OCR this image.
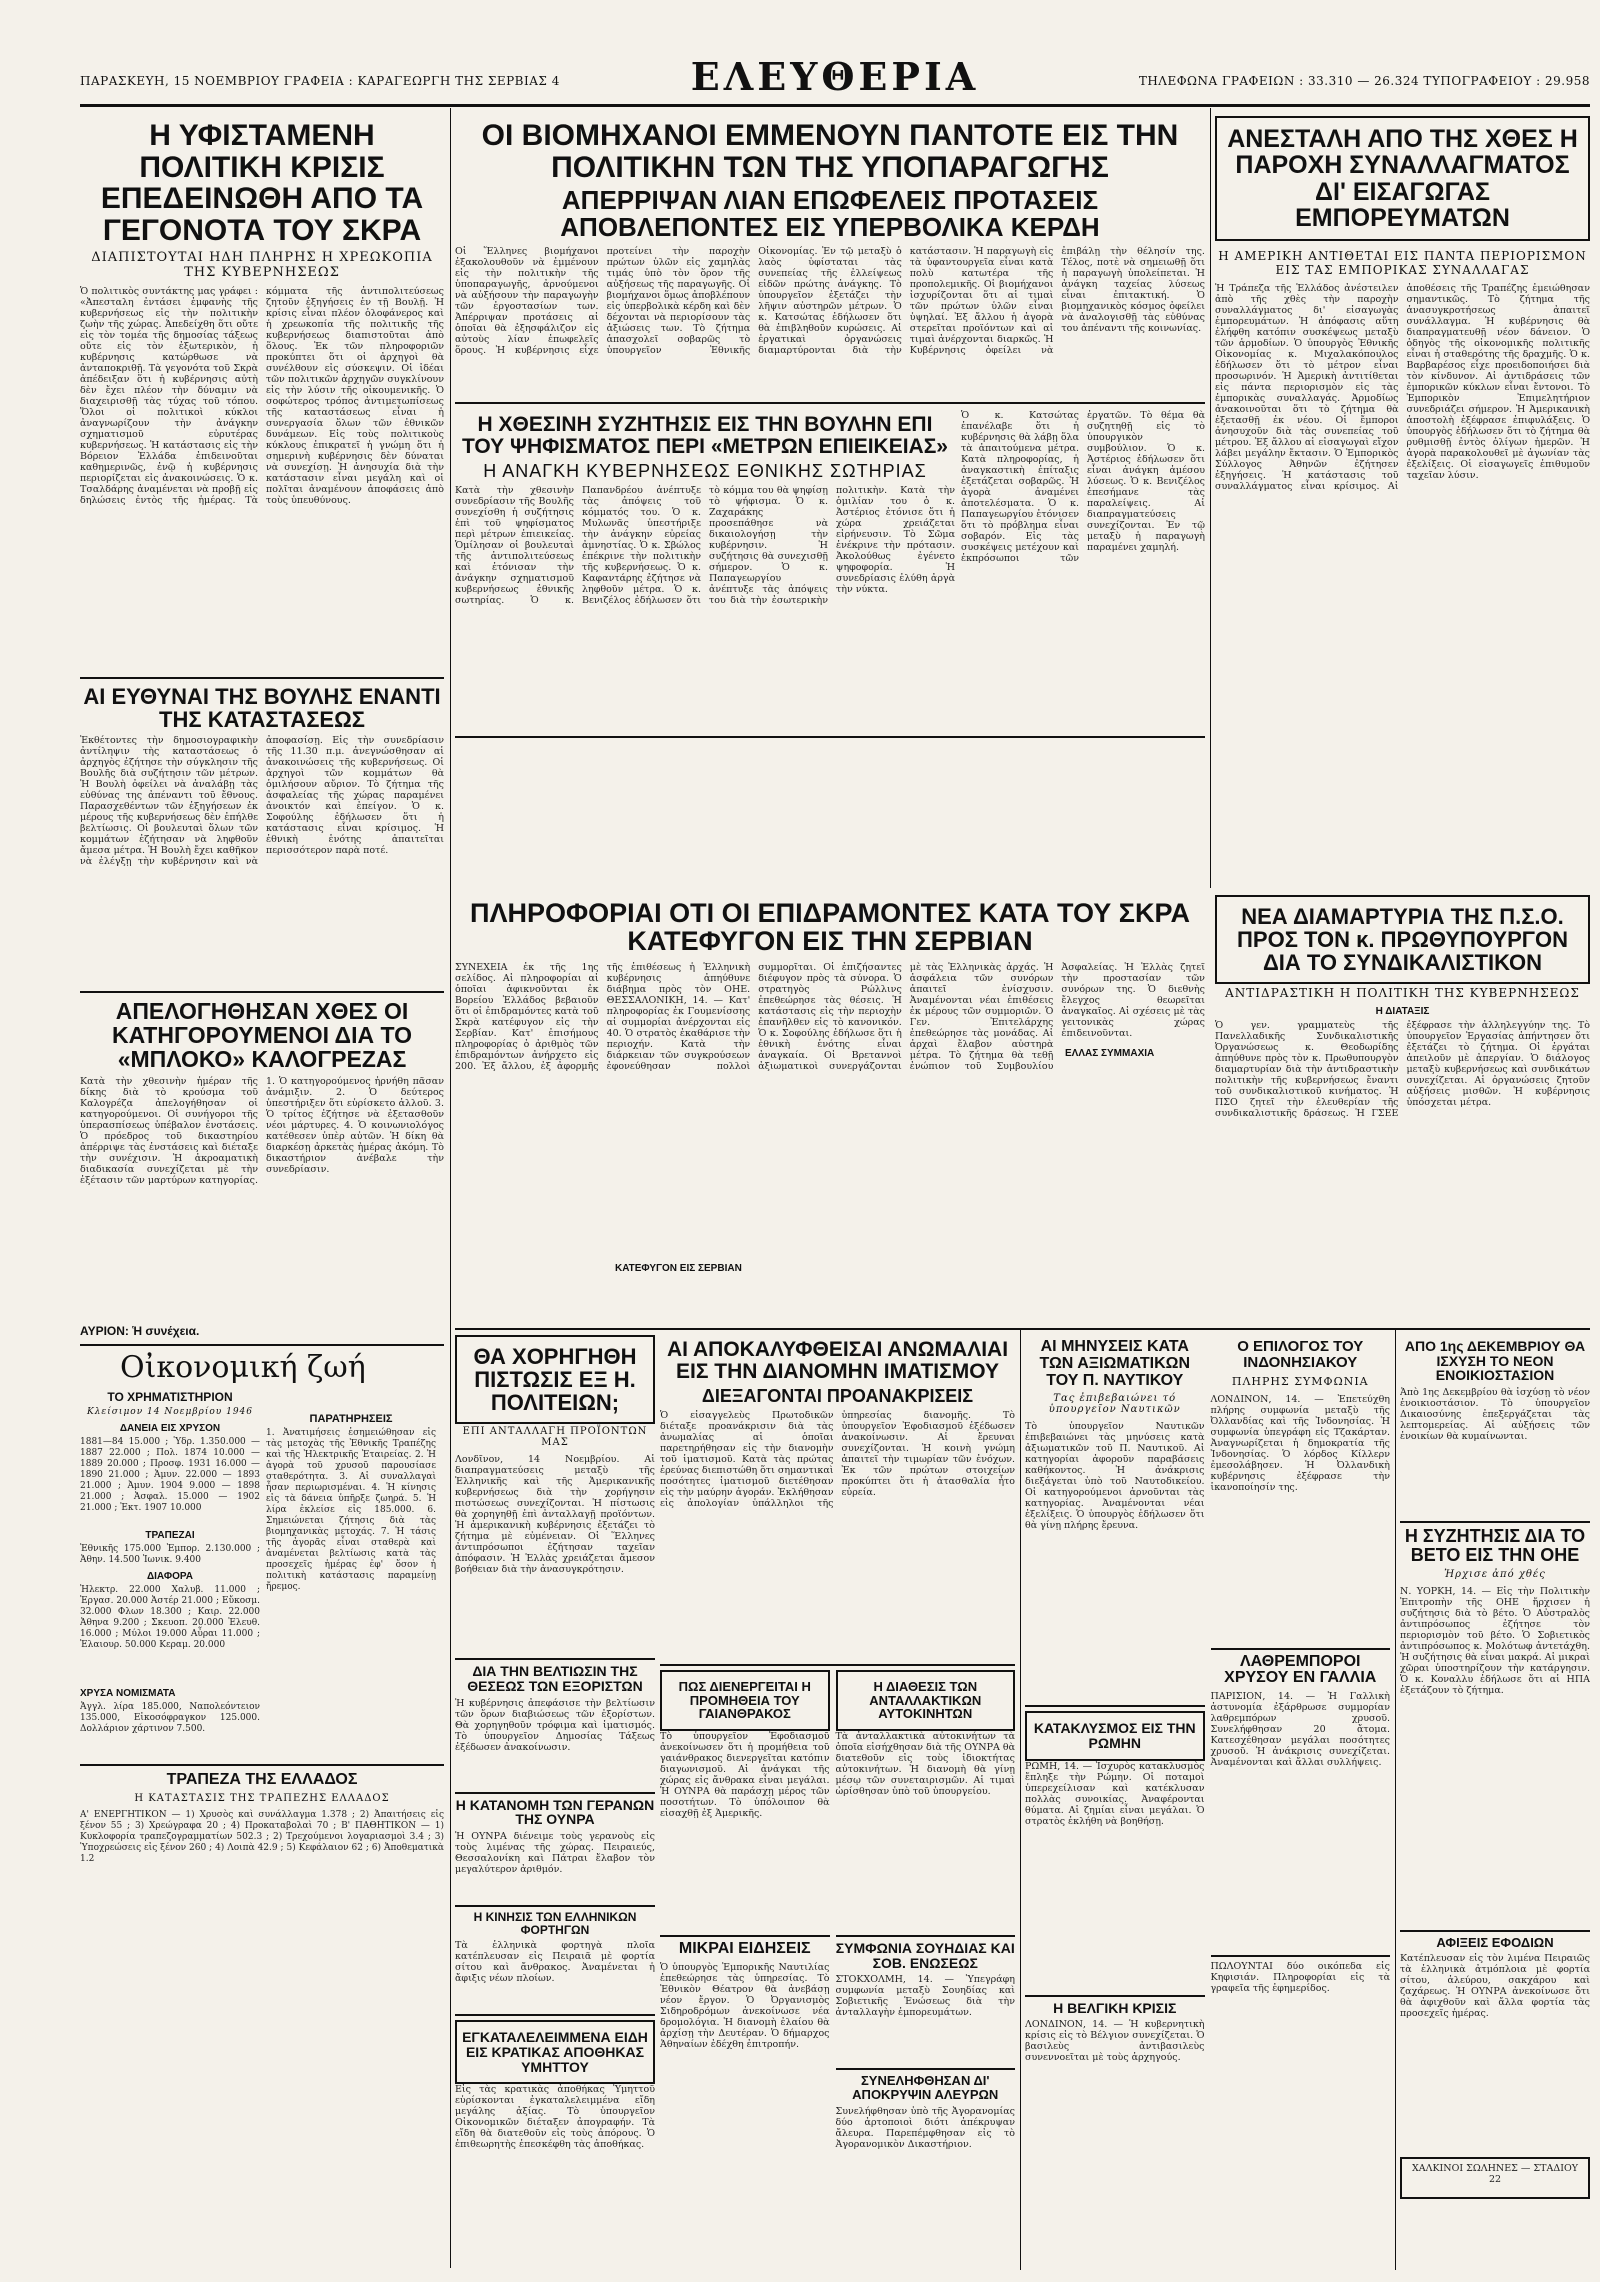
ΠΑΡΑΣΚΕΥΗ, 15 ΝΟΕΜΒΡΙΟΥ ΓΡΑΦΕΙΑ : ΚΑΡΑΓΕΩΡΓΗ ΤΗΣ ΣΕΡΒΙΑΣ 4	ΕΛΕΥΘΕΡΙΑ	ΤΗΛΕΦΩΝΑ ΓΡΑΦΕΙΩΝ : 33.310 — 26.324 ΤΥΠΟΓΡΑΦΕΙΟΥ : 29.958
Η ΥΦΙΣΤΑΜΕΝΗ ΠΟΛΙΤΙΚΗ ΚΡΙΣΙΣ ΕΠΕΔΕΙΝΩΘΗ ΑΠΟ ΤΑ ΓΕΓΟΝΟΤΑ ΤΟΥ ΣΚΡΑ
ΔΙΑΠΙΣΤΟΥΤΑΙ ΗΔΗ ΠΛΗΡΗΣ Η ΧΡΕΩΚΟΠΙΑ ΤΗΣ ΚΥΒΕΡΝΗΣΕΩΣ
Ὁ πολιτικὸς συντάκτης μας γράφει : «Ἀπεσταλη ἐντάσει ἐμφανὴς τῆς κυβερνήσεως εἰς τὴν πολιτικὴν ζωὴν τῆς χώρας. Ἀπεδείχθη ὅτι οὔτε εἰς τὸν τομέα τῆς δημοσίας τάξεως οὔτε εἰς τὸν ἐξωτερικὸν, ἡ κυβέρνησις κατώρθωσε νὰ ἀνταποκριθῇ. Τὰ γεγονότα τοῦ Σκρὰ ἀπέδειξαν ὅτι ἡ κυβέρνησις αὐτὴ δὲν ἔχει πλέον τὴν δύναμιν νὰ διαχειρισθῇ τὰς τύχας τοῦ τόπου. Ὅλοι οἱ πολιτικοὶ κύκλοι ἀναγνωρίζουν τὴν ἀνάγκην σχηματισμοῦ εὐρυτέρας κυβερνήσεως. Ἡ κατάστασις εἰς τὴν Βόρειον Ἑλλάδα ἐπιδεινοῦται καθημερινῶς, ἐνῷ ἡ κυβέρνησις περιορίζεται εἰς ἀνακοινώσεις. Ὁ κ. Τσαλδάρης ἀναμένεται νὰ προβῇ εἰς δηλώσεις ἐντὸς τῆς ἡμέρας. Τὰ κόμματα τῆς ἀντιπολιτεύσεως ζητοῦν ἐξηγήσεις ἐν τῇ Βουλῇ. Ἡ κρίσις εἶναι πλέον ὁλοφάνερος καὶ ἡ χρεωκοπία τῆς πολιτικῆς τῆς κυβερνήσεως διαπιστοῦται ἀπὸ ὅλους. Ἐκ τῶν πληροφοριῶν προκύπτει ὅτι οἱ ἀρχηγοὶ θὰ συνέλθουν εἰς σύσκεψιν. Οἱ ἰδέαι τῶν πολιτικῶν ἀρχηγῶν συγκλίνουν εἰς τὴν λύσιν τῆς οἰκουμενικῆς. Ὁ σοφώτερος τρόπος ἀντιμετωπίσεως τῆς καταστάσεως εἶναι ἡ συνεργασία ὅλων τῶν ἐθνικῶν δυνάμεων. Εἰς τοὺς πολιτικοὺς κύκλους ἐπικρατεῖ ἡ γνώμη ὅτι ἡ σημερινὴ κυβέρνησις δὲν δύναται νὰ συνεχίσῃ. Ἡ ἀνησυχία διὰ τὴν κατάστασιν εἶναι μεγάλη καὶ οἱ πολῖται ἀναμένουν ἀποφάσεις ἀπὸ τοὺς ὑπευθύνους.
ΑΙ ΕΥΘΥΝΑΙ ΤΗΣ ΒΟΥΛΗΣ ΕΝΑΝΤΙ ΤΗΣ ΚΑΤΑΣΤΑΣΕΩΣ
Ἐκθέτοντες τὴν δημοσιογραφικὴν ἀντίληψιν τὴς καταστάσεως ὁ ἀρχηγὸς ἐζήτησε τὴν σύγκλησιν τῆς Βουλῆς διὰ συζήτησιν τῶν μέτρων. Ἡ Βουλὴ ὀφείλει νὰ ἀναλάβῃ τὰς εὐθύνας της ἀπέναντι τοῦ ἔθνους. Παρασχεθέντων τῶν ἐξηγήσεων ἐκ μέρους τῆς κυβερνήσεως δὲν ἐπήλθε βελτίωσις. Οἱ βουλευταὶ ὅλων τῶν κομμάτων ἐζήτησαν νὰ ληφθοῦν ἄμεσα μέτρα. Ἡ Βουλὴ ἔχει καθῆκον νὰ ἐλέγξῃ τὴν κυβέρνησιν καὶ νὰ ἀποφασίσῃ. Εἰς τὴν συνεδρίασιν τῆς 11.30 π.μ. ἀνεγνώσθησαν αἱ ἀνακοινώσεις τῆς κυβερνήσεως. Οἱ ἀρχηγοὶ τῶν κομμάτων θὰ ὁμιλήσουν αὔριον. Τὸ ζήτημα τῆς ἀσφαλείας τῆς χώρας παραμένει ἀνοικτόν καὶ ἐπείγον. Ὁ κ. Σοφούλης ἐδήλωσεν ὅτι ἡ κατάστασις εἶναι κρίσιμος. Ἡ ἐθνικὴ ἑνότης ἀπαιτεῖται περισσότερον παρὰ ποτέ.
ΑΠΕΛΟΓΗΘΗΣΑΝ ΧΘΕΣ ΟΙ ΚΑΤΗΓΟΡΟΥΜΕΝΟΙ ΔΙΑ ΤΟ «ΜΠΛΟΚΟ» ΚΑΛΟΓΡΕΖΑΣ
Κατὰ τὴν χθεσινὴν ἡμέραν τῆς δίκης διὰ τὸ κρούσμα τοῦ Καλογρέζα ἀπελογήθησαν οἱ κατηγορούμενοι. Οἱ συνήγοροι τῆς ὑπερασπίσεως ὑπέβαλον ἐνστάσεις. Ὁ πρόεδρος τοῦ δικαστηρίου ἀπέρριψε τὰς ἐνστάσεις καὶ διέταξε τὴν συνέχισιν. Ἡ ἀκροαματικὴ διαδικασία συνεχίζεται μὲ τὴν ἐξέτασιν τῶν μαρτύρων κατηγορίας. 1. Ὁ κατηγορούμενος ἠρνήθη πᾶσαν ἀνάμιξιν. 2. Ὁ δεύτερος ὑπεστήριξεν ὅτι εὑρίσκετο ἀλλοῦ. 3. Ὁ τρίτος ἐζήτησε νὰ ἐξετασθοῦν νέοι μάρτυρες. 4. Ὁ κοινωνιολόγος κατέθεσεν ὑπὲρ αὐτῶν. Ἡ δίκη θὰ διαρκέσῃ ἀρκετὰς ἡμέρας ἀκόμη. Τὸ δικαστήριον ἀνέβαλε τὴν συνεδρίασιν.
ΑΥΡΙΟΝ: Ἡ συνέχεια.
Οἰκονομική ζωή
ΤΟ ΧΡΗΜΑΤΙΣΤΗΡΙΟΝ
Κλείσιμον 14 Νοεμβρίου 1946
ΔΑΝΕΙΑ ΕΙΣ ΧΡΥΣΟΝ
1881—84 15.000 ; Ὑδρ. 1.350.000 — 1887 22.000 ; Πολ. 1874 10.000 — 1889 20.000 ; Προσφ. 1931 16.000 — 1890 21.000 ; Ἀμυν. 22.000 — 1893 21.000 ; Ἀμυν. 1904 9.000 — 1898 21.000 ; Ἀσφαλ. 15.000 — 1902 21.000 ; Ἐκτ. 1907 10.000
ΤΡΑΠΕΖΑΙ
Ἐθνικῆς 175.000 Ἐμπορ. 2.130.000 ; Ἀθην. 14.500 Ἰωνικ. 9.400
ΔΙΑΦΟΡΑ
Ἠλεκτρ. 22.000 Χαλυβ. 11.000 ; Ἐργασ. 20.000 Ἀστέρ 21.000 ; Εὔκοσμ. 32.000 Φλων 18.300 ; Καιρ. 22.000 Ἀθηνα 9.200 ; Σκευοπ. 20.000 Ἐλευθ. 16.000 ; Μύλοι 19.000 Αὖραι 11.000 ; Ἐλαιουρ. 50.000 Κεραμ. 20.000
ΧΡΥΣΑ ΝΟΜΙΣΜΑΤΑ
Ἀγγλ. λίρα 185.000, Ναπολεόντειον 135.000, Εἰκοσόφραγκον 125.000. Δολλάριον χάρτινον 7.500.
ΠΑΡΑΤΗΡΗΣΕΙΣ
1. Ἀνατιμήσεις ἐσημειώθησαν εἰς τὰς μετοχὰς τῆς Ἐθνικῆς Τραπέζης καὶ τῆς Ἠλεκτρικῆς Ἑταιρείας. 2. Ἡ ἀγορὰ τοῦ χρυσοῦ παρουσίασε σταθερότητα. 3. Αἱ συναλλαγαὶ ἦσαν περιωρισμέναι. 4. Ἡ κίνησις εἰς τὰ δάνεια ὑπῆρξε ζωηρά. 5. Ἡ λίρα ἐκλείσε εἰς 185.000. 6. Σημειώνεται ζήτησις διὰ τὰς βιομηχανικὰς μετοχάς. 7. Ἡ τάσις τῆς ἀγορᾶς εἶναι σταθερὰ καὶ ἀναμένεται βελτίωσις κατὰ τὰς προσεχεῖς ἡμέρας ἐφ' ὅσον ἡ πολιτικὴ κατάστασις παραμείνῃ ἤρεμος.
ΤΡΑΠΕΖΑ ΤΗΣ ΕΛΛΑΔΟΣ
Η ΚΑΤΑΣΤΑΣΙΣ ΤΗΣ ΤΡΑΠΕΖΗΣ ΕΛΛΑΔΟΣ
Α' ΕΝΕΡΓΗΤΙΚΟΝ — 1) Χρυσὸς καὶ συνάλλαγμα 1.378 ; 2) Ἀπαιτήσεις εἰς ξένον 55 ; 3) Χρεώγραφα 20 ; 4) Προκαταβολαὶ 70 ; Β' ΠΑΘΗΤΙΚΟΝ — 1) Κυκλοφορία τραπεζογραμματίων 502.3 ; 2) Τρεχούμενοι λογαριασμοὶ 3.4 ; 3) Ὑποχρεώσεις εἰς ξένον 260 ; 4) Λοιπὰ 42.9 ; 5) Κεφάλαιον 62 ; 6) Ἀποθεματικὰ 1.2
ΟΙ ΒΙΟΜΗΧΑΝΟΙ ΕΜΜΕΝΟΥΝ ΠΑΝΤΟΤΕ ΕΙΣ ΤΗΝ ΠΟΛΙΤΙΚΗΝ ΤΩΝ ΤΗΣ ΥΠΟΠΑΡΑΓΩΓΗΣ
ΑΠΕΡΡΙΨΑΝ ΛΙΑΝ ΕΠΩΦΕΛΕΙΣ ΠΡΟΤΑΣΕΙΣ ΑΠΟΒΛΕΠΟΝΤΕΣ ΕΙΣ ΥΠΕΡΒΟΛΙΚΑ ΚΕΡΔΗ
Οἱ Ἕλληνες βιομήχανοι ἐξακολουθοῦν νὰ ἐμμένουν εἰς τὴν πολιτικὴν τῆς ὑποπαραγωγῆς, ἀρνούμενοι νὰ αὐξήσουν τὴν παραγωγὴν τῶν ἐργοστασίων των. Ἀπέρριψαν προτάσεις αἱ ὁποῖαι θὰ ἐξησφάλιζον εἰς αὐτοὺς λίαν ἐπωφελεῖς ὅρους. Ἡ κυβέρνησις εἶχε προτείνει τὴν παροχὴν πρώτων ὑλῶν εἰς χαμηλὰς τιμάς ὑπὸ τὸν ὅρον τῆς αὐξήσεως τῆς παραγωγῆς. Οἱ βιομήχανοι ὅμως ἀποβλέπουν εἰς ὑπερβολικὰ κέρδη καὶ δὲν δέχονται νὰ περιορίσουν τὰς ἀξιώσεις των. Τὸ ζήτημα ἀπασχολεῖ σοβαρῶς τὸ ὑπουργεῖον Ἐθνικῆς Οἰκονομίας. Ἐν τῷ μεταξὺ ὁ λαὸς ὑφίσταται τὰς συνεπείας τῆς ἐλλείψεως εἰδῶν πρώτης ἀνάγκης. Τὸ ὑπουργεῖον ἐξετάζει τὴν λῆψιν αὐστηρῶν μέτρων. Ὁ κ. Κατσώτας ἐδήλωσεν ὅτι θὰ ἐπιβληθοῦν κυρώσεις. Αἱ ἐργατικαὶ ὀργανώσεις διαμαρτύρονται διὰ τὴν κατάστασιν. Ἡ παραγωγὴ εἰς τὰ ὑφαντουργεῖα εἶναι κατὰ πολὺ κατωτέρα τῆς προπολεμικῆς. Οἱ βιομήχανοι ἰσχυρίζονται ὅτι αἱ τιμαὶ τῶν πρώτων ὑλῶν εἶναι ὑψηλαί. Ἐξ ἄλλου ἡ ἀγορὰ στερεῖται προϊόντων καὶ αἱ τιμαὶ ἀνέρχονται διαρκῶς. Ἡ Κυβέρνησις ὀφείλει νὰ ἐπιβάλῃ τὴν θέλησίν της. Τέλος, ποτὲ νὰ σημειωθῇ ὅτι ἡ παραγωγὴ ὑπολείπεται. Ἡ ἀνάγκη ταχείας λύσεως εἶναι ἐπιτακτική. Ὁ βιομηχανικὸς κόσμος ὀφείλει νὰ ἀναλογισθῇ τὰς εὐθύνας του ἀπέναντι τῆς κοινωνίας.
Η ΧΘΕΣΙΝΗ ΣΥΖΗΤΗΣΙΣ ΕΙΣ ΤΗΝ ΒΟΥΛΗΝ ΕΠΙ ΤΟΥ ΨΗΦΙΣΜΑΤΟΣ ΠΕΡΙ «ΜΕΤΡΩΝ ΕΠΙΕΙΚΕΙΑΣ»
Η ΑΝΑΓΚΗ ΚΥΒΕΡΝΗΣΕΩΣ ΕΘΝΙΚΗΣ ΣΩΤΗΡΙΑΣ
Κατὰ τὴν χθεσινὴν συνεδρίασιν τῆς Βουλῆς συνεχίσθη ἡ συζήτησις ἐπὶ τοῦ ψηφίσματος περὶ μέτρων ἐπιεικείας. Ὁμίλησαν οἱ βουλευταὶ τῆς ἀντιπολιτεύσεως καὶ ἐτόνισαν τὴν ἀνάγκην σχηματισμοῦ κυβερνήσεως ἐθνικῆς σωτηρίας. Ὁ κ. Παπανδρέου ἀνέπτυξε τὰς ἀπόψεις τοῦ κόμματός του. Ὁ κ. Μυλωνᾶς ὑπεστήριξε τὴν ἀνάγκην εὐρείας ἀμνηστίας. Ὁ κ. Σβώλος ἐπέκρινε τὴν πολιτικὴν τῆς κυβερνήσεως. Ὁ κ. Καφαντάρης ἐζήτησε νὰ ληφθοῦν μέτρα. Ὁ κ. Βενιζέλος ἐδήλωσεν ὅτι τὸ κόμμα του θὰ ψηφίσῃ τὸ ψήφισμα. Ὁ κ. Ζαχαράκης προσεπάθησε νὰ δικαιολογήσῃ τὴν κυβέρνησιν. Ἡ συζήτησις θὰ συνεχισθῇ σήμερον. Ὁ κ. Παπαγεωργίου ἀνέπτυξε τὰς ἀπόψεις του διὰ τὴν ἐσωτερικὴν πολιτικὴν. Κατὰ τὴν ὁμιλίαν του ὁ κ. Ἀστέριος ἐτόνισε ὅτι ἡ χώρα χρειάζεται εἰρήνευσιν. Τὸ Σῶμα ἐνέκρινε τὴν πρότασιν. Ἀκολούθως ἐγένετο ψηφοφορία. Ἡ συνεδρίασις ἐλύθη ἀργὰ τὴν νύκτα.
Ὁ κ. Κατσώτας ἐπανέλαβε ὅτι ἡ κυβέρνησις θὰ λάβῃ ὅλα τὰ ἀπαιτούμενα μέτρα. Κατὰ πληροφορίας, ἡ ἀναγκαστικὴ ἐπίταξις ἐξετάζεται σοβαρῶς. Ἡ ἀγορὰ ἀναμένει ἀποτελέσματα. Ὁ κ. Παπαγεωργίου ἐτόνισεν ὅτι τὸ πρόβλημα εἶναι σοβαρόν. Εἰς τὰς συσκέψεις μετέχουν καὶ ἐκπρόσωποι τῶν ἐργατῶν. Τὸ θέμα θὰ συζητηθῇ εἰς τὸ ὑπουργικὸν συμβούλιον. Ὁ κ. Ἀστέριος ἐδήλωσεν ὅτι εἶναι ἀνάγκη ἀμέσου λύσεως. Ὁ κ. Βενιζέλος ἐπεσήμανε τὰς παραλείψεις. Αἱ διαπραγματεύσεις συνεχίζονται. Ἐν τῷ μεταξὺ ἡ παραγωγὴ παραμένει χαμηλή.
ΑΝΕΣΤΑΛΗ ΑΠΟ ΤΗΣ ΧΘΕΣ Η ΠΑΡΟΧΗ ΣΥΝΑΛΛΑΓΜΑΤΟΣ ΔΙ' ΕΙΣΑΓΩΓΑΣ ΕΜΠΟΡΕΥΜΑΤΩΝ
Η ΑΜΕΡΙΚΗ ΑΝΤΙΘΕΤΑΙ ΕΙΣ ΠΑΝΤΑ ΠΕΡΙΟΡΙΣΜΟΝ ΕΙΣ ΤΑΣ ΕΜΠΟΡΙΚΑΣ ΣΥΝΑΛΛΑΓΑΣ
Ἡ Τράπεζα τῆς Ἑλλάδος ἀνέστειλεν ἀπὸ τῆς χθὲς τὴν παροχὴν συναλλάγματος δι' εἰσαγωγὰς ἐμπορευμάτων. Ἡ ἀπόφασις αὕτη ἐλήφθη κατόπιν συσκέψεως μεταξὺ τῶν ἁρμοδίων. Ὁ ὑπουργὸς Ἐθνικῆς Οἰκονομίας κ. Μιχαλακόπουλος ἐδήλωσεν ὅτι τὸ μέτρον εἶναι προσωρινόν. Ἡ Ἀμερικὴ ἀντιτίθεται εἰς πάντα περιορισμὸν εἰς τὰς ἐμπορικὰς συναλλαγάς. Ἀρμοδίως ἀνακοινοῦται ὅτι τὸ ζήτημα θὰ ἐξετασθῇ ἐκ νέου. Οἱ ἔμποροι ἀνησυχοῦν διὰ τὰς συνεπείας τοῦ μέτρου. Ἐξ ἄλλου αἱ εἰσαγωγαὶ εἴχον λάβει μεγάλην ἔκτασιν. Ὁ Ἐμπορικὸς Σύλλογος Ἀθηνῶν ἐζήτησεν ἐξηγήσεις. Ἡ κατάστασις τοῦ συναλλάγματος εἶναι κρίσιμος. Αἱ ἀποθέσεις τῆς Τραπέζης ἐμειώθησαν σημαντικῶς. Τὸ ζήτημα τῆς ἀνασυγκροτήσεως ἀπαιτεῖ συνάλλαγμα. Ἡ κυβέρνησις θὰ διαπραγματευθῇ νέον δάνειον. Ὁ ὁδηγὸς τῆς οἰκονομικῆς πολιτικῆς εἶναι ἡ σταθερότης τῆς δραχμῆς. Ὁ κ. Βαρβαρέσος εἶχε προειδοποιήσει διὰ τὸν κίνδυνον. Αἱ ἀντιδράσεις τῶν ἐμπορικῶν κύκλων εἶναι ἔντονοι. Τὸ Ἐμπορικὸν Ἐπιμελητήριον συνεδριάζει σήμερον. Ἡ Ἀμερικανικὴ ἀποστολὴ ἐξέφρασε ἐπιφυλάξεις. Ὁ ὑπουργὸς ἐδήλωσεν ὅτι τὸ ζήτημα θὰ ρυθμισθῇ ἐντὸς ὀλίγων ἡμερῶν. Ἡ ἀγορὰ παρακολουθεῖ μὲ ἀγωνίαν τὰς ἐξελίξεις. Οἱ εἰσαγωγεῖς ἐπιθυμοῦν ταχεῖαν λύσιν.
ΠΛΗΡΟΦΟΡΙΑΙ ΟΤΙ ΟΙ ΕΠΙΔΡΑΜΟΝΤΕΣ ΚΑΤΑ ΤΟΥ ΣΚΡΑ ΚΑΤΕΦΥΓΟΝ ΕΙΣ ΤΗΝ ΣΕΡΒΙΑΝ
ΣΥΝΕΧΕΙΑ ἐκ τῆς 1ης σελίδος. Αἱ πληροφορίαι αἱ ὁποῖαι ἀφικνοῦνται ἐκ Βορείου Ἑλλάδος βεβαιοῦν ὅτι οἱ ἐπιδραμόντες κατὰ τοῦ Σκρὰ κατέφυγον εἰς τὴν Σερβίαν. Κατ' ἐπισήμους πληροφορίας ὁ ἀριθμὸς τῶν ἐπιδραμόντων ἀνήρχετο εἰς 200. Ἐξ ἄλλου, ἐξ ἀφορμῆς τῆς ἐπιθέσεως ἡ Ἑλληνικὴ κυβέρνησις ἀπηύθυνε διάβημα πρὸς τὸν ΟΗΕ. ΘΕΣΣΑΛΟΝΙΚΗ, 14. — Κατ' πληροφορίας ἐκ Γουμενίσσης αἱ συμμορίαι ἀνέρχονται εἰς 40. Ὁ στρατὸς ἐκαθάρισε τὴν περιοχήν. Κατὰ τὴν διάρκειαν τῶν συγκρούσεων ἐφονεύθησαν πολλοὶ συμμορῖται. Οἱ ἐπιζήσαντες διέφυγον πρὸς τὰ σύνορα. Ὁ στρατηγὸς Ρώλλινς ἐπεθεώρησε τὰς θέσεις. Ἡ κατάστασις εἰς τὴν περιοχὴν ἐπανῆλθεν εἰς τὸ κανονικόν. Ὁ κ. Σοφούλης ἐδήλωσε ὅτι ἡ ἐθνικὴ ἑνότης εἶναι ἀναγκαία. Οἱ Βρεταννοὶ ἀξιωματικοὶ συνεργάζονται μὲ τὰς Ἑλληνικὰς ἀρχάς. Ἡ ἀσφάλεια τῶν συνόρων ἀπαιτεῖ ἐνίσχυσιν. Ἀναμένονται νέαι ἐπιθέσεις ἐκ μέρους τῶν συμμοριῶν. Ὁ Γεν. Ἐπιτελάρχης ἐπεθεώρησε τὰς μονάδας. Αἱ ἀρχαὶ ἔλαβον αὐστηρὰ μέτρα. Τὸ ζήτημα θὰ τεθῇ ἐνώπιον τοῦ Συμβουλίου Ἀσφαλείας. Ἡ Ἑλλὰς ζητεῖ τὴν προστασίαν τῶν συνόρων της. Ὁ διεθνὴς ἔλεγχος θεωρεῖται ἀναγκαῖος. Αἱ σχέσεις μὲ τὰς γειτονικὰς χώρας ἐπιδεινοῦνται.
ΚΑΤΕΦΥΓΟΝ ΕΙΣ ΣΕΡΒΙΑΝ
ΕΛΛΑΣ ΣΥΜΜΑΧΙΑ
ΝΕΑ ΔΙΑΜΑΡΤΥΡΙΑ ΤΗΣ Π.Σ.Ο. ΠΡΟΣ ΤΟΝ κ. ΠΡΩΘΥΠΟΥΡΓΟΝ ΔΙΑ ΤΟ ΣΥΝΔΙΚΑΛΙΣΤΙΚΟΝ
ΑΝΤΙΔΡΑΣΤΙΚΗ Η ΠΟΛΙΤΙΚΗ ΤΗΣ ΚΥΒΕΡΝΗΣΕΩΣ
Η ΔΙΑΤΑΞΙΣ
Ὁ γεν. γραμματεὺς τῆς Πανελλαδικῆς Συνδικαλιστικῆς Ὀργανώσεως κ. Θεοδωρίδης ἀπηύθυνε πρὸς τὸν κ. Πρωθυπουργὸν διαμαρτυρίαν διὰ τὴν ἀντιδραστικὴν πολιτικὴν τῆς κυβερνήσεως ἔναντι τοῦ συνδικαλιστικοῦ κινήματος. Ἡ ΠΣΟ ζητεῖ τὴν ἐλευθερίαν τῆς συνδικαλιστικῆς δράσεως. Ἡ ΓΣΕΕ ἐξέφρασε τὴν ἀλληλεγγύην της. Τὸ ὑπουργεῖον Ἐργασίας ἀπήντησεν ὅτι ἐξετάζει τὸ ζήτημα. Οἱ ἐργάται ἀπειλοῦν μὲ ἀπεργίαν. Ὁ διάλογος μεταξὺ κυβερνήσεως καὶ συνδικάτων συνεχίζεται. Αἱ ὀργανώσεις ζητοῦν αὐξήσεις μισθῶν. Ἡ κυβέρνησις ὑπόσχεται μέτρα.
ΘΑ ΧΟΡΗΓΗΘΗ ΠΙΣΤΩΣΙΣ ΕΞ Η. ΠΟΛΙΤΕΙΩΝ;
ΕΠΙ ΑΝΤΑΛΛΑΓΗ ΠΡΟΪΟΝΤΩΝ ΜΑΣ
Λονδῖνον, 14 Νοεμβρίου. Αἱ διαπραγματεύσεις μεταξὺ τῆς Ἑλληνικῆς καὶ τῆς Ἀμερικανικῆς κυβερνήσεως διὰ τὴν χορήγησιν πιστώσεως συνεχίζονται. Ἡ πίστωσις θὰ χορηγηθῇ ἐπὶ ἀνταλλαγῇ προϊόντων. Ἡ ἀμερικανικὴ κυβέρνησις ἐξετάζει τὸ ζήτημα μὲ εὐμένειαν. Οἱ Ἕλληνες ἀντιπρόσωποι ἐζήτησαν ταχεῖαν ἀπόφασιν. Ἡ Ἑλλὰς χρειάζεται ἄμεσον βοήθειαν διὰ τὴν ἀνασυγκρότησιν.
ΔΙΑ ΤΗΝ ΒΕΛΤΙΩΣΙΝ ΤΗΣ ΘΕΣΕΩΣ ΤΩΝ ΕΞΟΡΙΣΤΩΝ
Ἡ κυβέρνησις ἀπεφάσισε τὴν βελτίωσιν τῶν ὅρων διαβιώσεως τῶν ἐξορίστων. Θὰ χορηγηθοῦν τρόφιμα καὶ ἱματισμός. Τὸ ὑπουργεῖον Δημοσίας Τάξεως ἐξέδωσεν ἀνακοίνωσιν.
Η ΚΑΤΑΝΟΜΗ ΤΩΝ ΓΕΡΑΝΩΝ ΤΗΣ ΟΥΝΡΑ
Ἡ ΟΥΝΡΑ διένειμε τοὺς γερανοὺς εἰς τοὺς λιμένας τῆς χώρας. Πειραιεύς, Θεσσαλονίκη καὶ Πάτραι ἔλαβον τὸν μεγαλύτερον ἀριθμόν.
Η ΚΙΝΗΣΙΣ ΤΩΝ ΕΛΛΗΝΙΚΩΝ ΦΟΡΤΗΓΩΝ
Τὰ ἑλληνικὰ φορτηγὰ πλοῖα κατέπλευσαν εἰς Πειραιᾶ μὲ φορτία σίτου καὶ ἄνθρακος. Ἀναμένεται ἡ ἄφιξις νέων πλοίων.
ΕΓΚΑΤΑΛΕΛΕΙΜΜΕΝΑ ΕΙΔΗ ΕΙΣ ΚΡΑΤΙΚΑΣ ΑΠΟΘΗΚΑΣ ΥΜΗΤΤΟΥ
Εἰς τὰς κρατικὰς ἀποθήκας Ὑμηττοῦ εὑρίσκονται ἐγκαταλελειμμένα εἴδη μεγάλης ἀξίας. Τὸ ὑπουργεῖον Οἰκονομικῶν διέταξεν ἀπογραφήν. Τὰ εἴδη θὰ διατεθοῦν εἰς τοὺς ἀπόρους. Ὁ ἐπιθεωρητὴς ἐπεσκέφθη τὰς ἀποθήκας.
ΑΙ ΑΠΟΚΑΛΥΦΘΕΙΣΑΙ ΑΝΩΜΑΛΙΑΙ ΕΙΣ ΤΗΝ ΔΙΑΝΟΜΗΝ ΙΜΑΤΙΣΜΟΥ
ΔΙΕΞΑΓΟΝΤΑΙ ΠΡΟΑΝΑΚΡΙΣΕΙΣ
Ὁ εἰσαγγελεὺς Πρωτοδικῶν διέταξε προανάκρισιν διὰ τὰς ἀνωμαλίας αἱ ὁποῖαι παρετηρήθησαν εἰς τὴν διανομὴν τοῦ ἱματισμοῦ. Κατὰ τὰς πρώτας ἐρεύνας διεπιστώθη ὅτι σημαντικαὶ ποσότητες ἱματισμοῦ διετέθησαν εἰς τὴν μαύρην ἀγοράν. Ἐκλήθησαν εἰς ἀπολογίαν ὑπάλληλοι τῆς ὑπηρεσίας διανομῆς. Τὸ ὑπουργεῖον Ἐφοδιασμοῦ ἐξέδωσεν ἀνακοίνωσιν. Αἱ ἔρευναι συνεχίζονται. Ἡ κοινὴ γνώμη ἀπαιτεῖ τὴν τιμωρίαν τῶν ἐνόχων. Ἐκ τῶν πρώτων στοιχείων προκύπτει ὅτι ἡ ἀτασθαλία ἦτο εὐρεία.
ΠΩΣ ΔΙΕΝΕΡΓΕΙΤΑΙ Η ΠΡΟΜΗΘΕΙΑ ΤΟΥ ΓΑΙΑΝΘΡΑΚΟΣ
Τὸ ὑπουργεῖον Ἐφοδιασμοῦ ἀνεκοίνωσεν ὅτι ἡ προμήθεια τοῦ γαιάνθρακος διενεργεῖται κατόπιν διαγωνισμοῦ. Αἱ ἀνάγκαι τῆς χώρας εἰς ἄνθρακα εἶναι μεγάλαι. Ἡ ΟΥΝΡΑ θὰ παράσχῃ μέρος τῶν ποσοτήτων. Τὸ ὑπόλοιπον θὰ εἰσαχθῇ ἐξ Ἀμερικῆς.
ΜΙΚΡΑΙ ΕΙΔΗΣΕΙΣ
Ὁ ὑπουργὸς Ἐμπορικῆς Ναυτιλίας ἐπεθεώρησε τὰς ὑπηρεσίας. Τὸ Ἐθνικὸν Θέατρον θὰ ἀνεβάσῃ νέον ἔργον. Ὁ Ὀργανισμὸς Σιδηροδρόμων ἀνεκοίνωσε νέα δρομολόγια. Ἡ διανομὴ ἐλαίου θὰ ἀρχίσῃ τὴν Δευτέραν. Ὁ δήμαρχος Ἀθηναίων ἐδέχθη ἐπιτροπήν.
Η ΔΙΑΘΕΣΙΣ ΤΩΝ ΑΝΤΑΛΛΑΚΤΙΚΩΝ ΑΥΤΟΚΙΝΗΤΩΝ
Τὰ ἀνταλλακτικὰ αὐτοκινήτων τὰ ὁποῖα εἰσήχθησαν διὰ τῆς ΟΥΝΡΑ θὰ διατεθοῦν εἰς τοὺς ἰδιοκτήτας αὐτοκινήτων. Ἡ διανομὴ θὰ γίνῃ μέσῳ τῶν συνεταιρισμῶν. Αἱ τιμαὶ ὡρίσθησαν ὑπὸ τοῦ ὑπουργείου.
ΣΥΜΦΩΝΙΑ ΣΟΥΗΔΙΑΣ ΚΑΙ ΣΟΒ. ΕΝΩΣΕΩΣ
ΣΤΟΚΧΟΛΜΗ, 14. — Ὑπεγράφη συμφωνία μεταξὺ Σουηδίας καὶ Σοβιετικῆς Ἑνώσεως διὰ τὴν ἀνταλλαγὴν ἐμπορευμάτων.
ΣΥΝΕΛΗΦΘΗΣΑΝ ΔΙ' ΑΠΟΚΡΥΨΙΝ ΑΛΕΥΡΩΝ
Συνελήφθησαν ὑπὸ τῆς Ἀγορανομίας δύο ἀρτοποιοὶ διότι ἀπέκρυψαν ἄλευρα. Παρεπέμφθησαν εἰς τὸ Ἀγορανομικὸν Δικαστήριον.
ΑΙ ΜΗΝΥΣΕΙΣ ΚΑΤΑ ΤΩΝ ΑΞΙΩΜΑΤΙΚΩΝ ΤΟΥ Π. ΝΑΥΤΙΚΟΥ
Τας ἐπιβεβαιώνει τό ὑπουργεῖον Ναυτικῶν
Τὸ ὑπουργεῖον Ναυτικῶν ἐπιβεβαιώνει τὰς μηνύσεις κατὰ ἀξιωματικῶν τοῦ Π. Ναυτικοῦ. Αἱ κατηγορίαι ἀφοροῦν παραβάσεις καθήκοντος. Ἡ ἀνάκρισις διεξάγεται ὑπὸ τοῦ Ναυτοδικείου. Οἱ κατηγορούμενοι ἀρνοῦνται τὰς κατηγορίας. Ἀναμένονται νέαι ἐξελίξεις. Ὁ ὑπουργὸς ἐδήλωσεν ὅτι θὰ γίνῃ πλήρης ἔρευνα.
ΚΑΤΑΚΛΥΣΜΟΣ ΕΙΣ ΤΗΝ ΡΩΜΗΝ
ΡΩΜΗ, 14. — Ἰσχυρὸς κατακλυσμὸς ἔπληξε τὴν Ρώμην. Οἱ ποταμοὶ ὑπερεχείλισαν καὶ κατέκλυσαν πολλὰς συνοικίας. Ἀναφέρονται θύματα. Αἱ ζημίαι εἶναι μεγάλαι. Ὁ στρατὸς ἐκλήθη νὰ βοηθήσῃ.
Η ΒΕΛΓΙΚΗ ΚΡΙΣΙΣ
ΛΟΝΔΙΝΟΝ, 14. — Ἡ κυβερνητικὴ κρίσις εἰς τὸ Βέλγιον συνεχίζεται. Ὁ βασιλεὺς ἀντιβασιλεὺς συνεννοεῖται μὲ τοὺς ἀρχηγούς.
Ο ΕΠΙΛΟΓΟΣ ΤΟΥ ΙΝΔΟΝΗΣΙΑΚΟΥ
ΠΛΗΡΗΣ ΣΥΜΦΩΝΙΑ
ΛΟΝΔΙΝΟΝ, 14. — Ἐπετεύχθη πλήρης συμφωνία μεταξὺ τῆς Ὀλλανδίας καὶ τῆς Ἰνδονησίας. Ἡ συμφωνία ὑπεγράφη εἰς Τζακάρταν. Ἀναγνωρίζεται ἡ δημοκρατία τῆς Ἰνδονησίας. Ὁ λόρδος Κίλλερν ἐμεσολάβησεν. Ἡ Ὀλλανδικὴ κυβέρνησις ἐξέφρασε τὴν ἱκανοποίησίν της.
ΛΑΘΡΕΜΠΟΡΟΙ ΧΡΥΣΟΥ ΕΝ ΓΑΛΛΙΑ
ΠΑΡΙΣΙΟΝ, 14. — Ἡ Γαλλικὴ ἀστυνομία ἐξάρθρωσε συμμορίαν λαθρεμπόρων χρυσοῦ. Συνελήφθησαν 20 ἄτομα. Κατεσχέθησαν μεγάλαι ποσότητες χρυσοῦ. Ἡ ἀνάκρισις συνεχίζεται. Ἀναμένονται καὶ ἄλλαι συλλήψεις.
ΠΩΛΟΥΝΤΑΙ δύο οικόπεδα εἰς Κηφισιάν. Πληροφορίαι εἰς τὰ γραφεῖα τῆς ἐφημερίδος.
ΑΠΟ 1ης ΔΕΚΕΜΒΡΙΟΥ ΘΑ ΙΣΧΥΣΗ ΤΟ ΝΕΟΝ ΕΝΟΙΚΙΟΣΤΑΣΙΟΝ
Ἀπὸ 1ης Δεκεμβρίου θὰ ἰσχύσῃ τὸ νέον ἐνοικιοστάσιον. Τὸ ὑπουργεῖον Δικαιοσύνης ἐπεξεργάζεται τὰς λεπτομερείας. Αἱ αὐξήσεις τῶν ἐνοικίων θὰ κυμαίνωνται.
Η ΣΥΖΗΤΗΣΙΣ ΔΙΑ ΤΟ ΒΕΤΟ ΕΙΣ ΤΗΝ ΟΗΕ
Ἠρχισε ἀπό χθές
Ν. ΥΟΡΚΗ, 14. — Εἰς τὴν Πολιτικὴν Ἐπιτροπὴν τῆς ΟΗΕ ἤρχισεν ἡ συζήτησις διὰ τὸ βέτο. Ὁ Αὐστραλὸς ἀντιπρόσωπος ἐζήτησε τὸν περιορισμὸν τοῦ βέτο. Ὁ Σοβιετικὸς ἀντιπρόσωπος κ. Μολότωφ ἀντετάχθη. Ἡ συζήτησις θὰ εἶναι μακρά. Αἱ μικραὶ χῶραι ὑποστηρίζουν τὴν κατάργησιν. Ὁ κ. Κοναλλυ ἐδήλωσε ὅτι αἱ ΗΠΑ ἐξετάζουν τὸ ζήτημα.
ΑΦΙΞΕΙΣ ΕΦΟΔΙΩΝ
Κατέπλευσαν εἰς τὸν λιμένα Πειραιῶς τὰ ἑλληνικὰ ἀτμόπλοια μὲ φορτία σίτου, ἀλεύρου, σακχάρου καὶ ζαχάρεως. Ἡ ΟΥΝΡΑ ἀνεκοίνωσε ὅτι θὰ ἀφιχθοῦν καὶ ἄλλα φορτία τὰς προσεχεῖς ἡμέρας.
ΧΑΛΚΙΝΟΙ ΣΩΛΗΝΕΣ — ΣΤΑΔΙΟΥ 22
